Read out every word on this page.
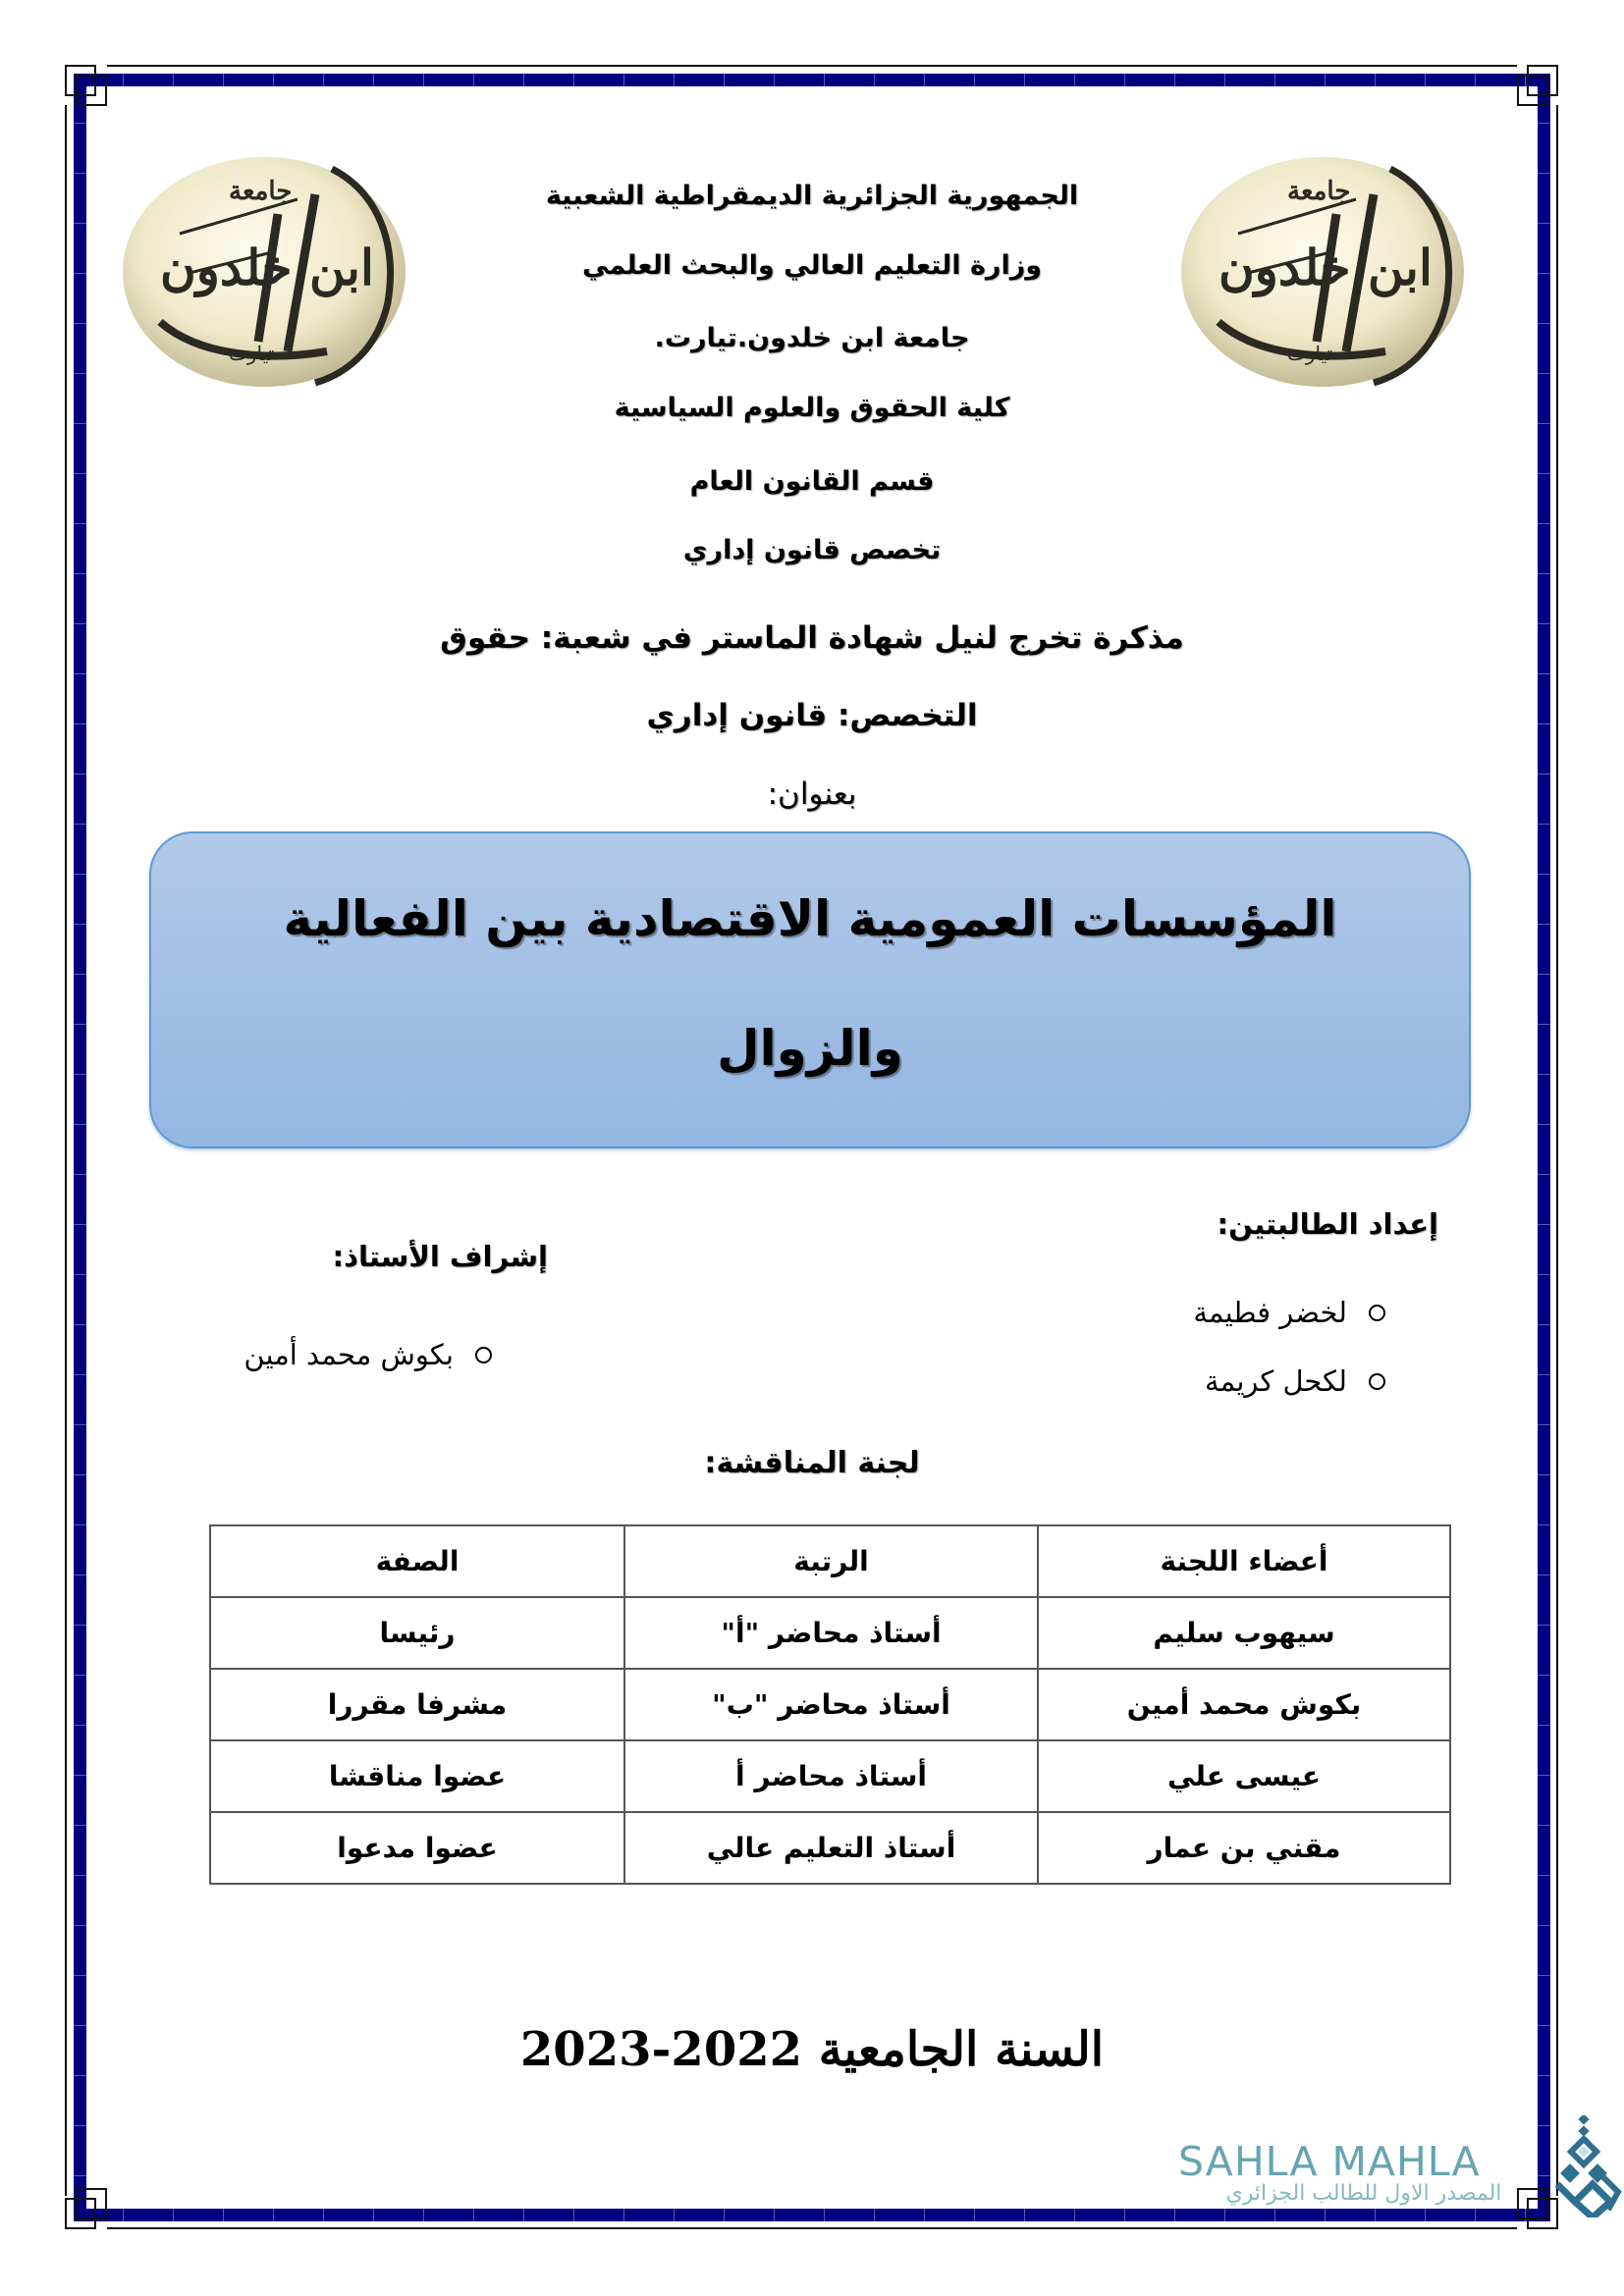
جامعة
ابن خلدون
تيارت
جامعة
ابن خلدون
تيارت
الجمهورية الجزائرية الديمقراطية الشعبية
وزارة التعليم العالي والبحث العلمي
جامعة ابن خلدون.تيارت.
كلية الحقوق والعلوم السياسية
قسم القانون العام
تخصص قانون إداري
مذكرة تخرج لنيل شهادة الماستر في شعبة: حقوق
التخصص: قانون إداري
بعنوان:
المؤسسات العمومية الاقتصادية بين الفعالية
والزوال
إعداد الطالبتين:
لخضر فطيمة
لكحل كريمة
إشراف الأستاذ:
بكوش محمد أمين
لجنة المناقشة:
أعضاء اللجنة	الرتبة	الصفة
سيهوب سليم	أستاذ محاضر "أ"	رئيسا
بكوش محمد أمين	أستاذ محاضر "ب"	مشرفا مقررا
عيسى علي	أستاذ محاضر أ	عضوا مناقشا
مقني بن عمار	أستاذ التعليم عالي	عضوا مدعوا
السنة الجامعية 2022-2023
SAHLA MAHLA
المصدر الاول للطالب الجزائري
